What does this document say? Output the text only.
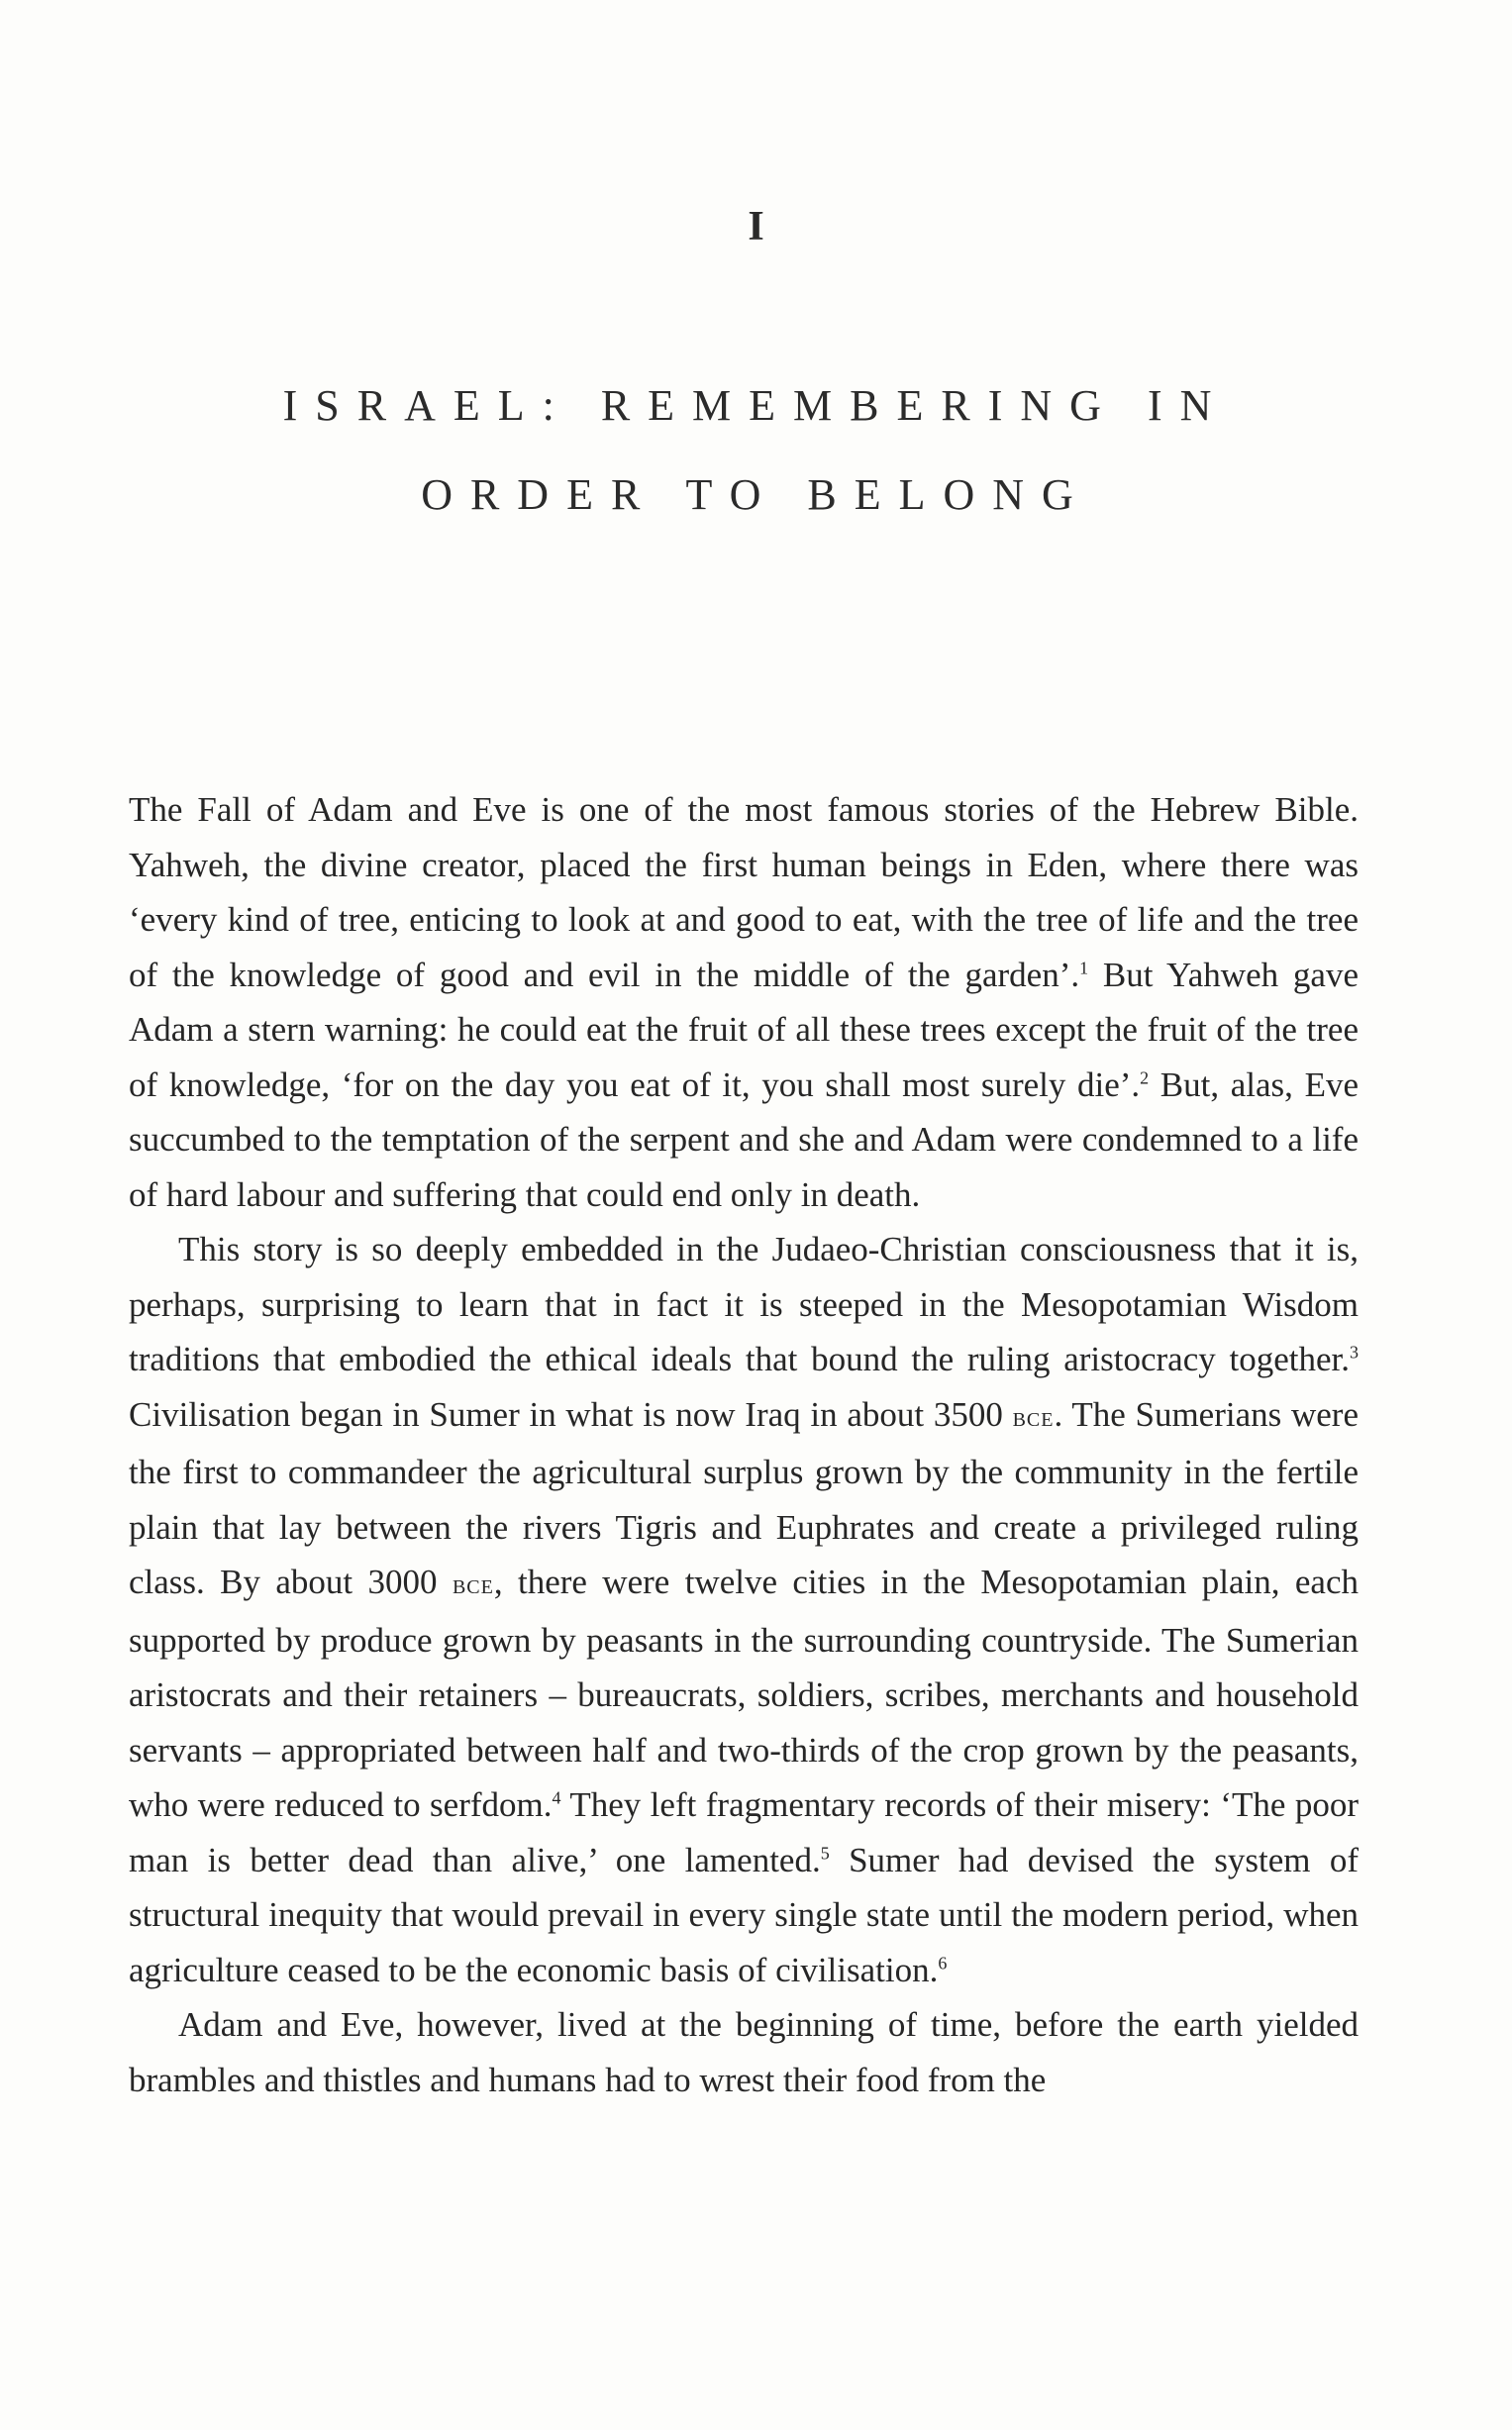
I
ISRAEL: REMEMBERING IN
ORDER TO BELONG

The Fall of Adam and Eve is one of the most famous stories of the Hebrew Bible. Yahweh, the divine creator, placed the first human beings in Eden, where there was ‘every kind of tree, enticing to look at and good to eat, with the tree of life and the tree of the knowledge of good and evil in the middle of the garden’.$^1$ But Yahweh gave Adam a stern warning: he could eat the fruit of all these trees except the fruit of the tree of knowledge, ‘for on the day you eat of it, you shall most surely die’.$^2$ But, alas, Eve succumbed to the temptation of the serpent and she and Adam were condemned to a life of hard labour and suffering that could end only in death.

This story is so deeply embedded in the Judaeo-Christian consciousness that it is, perhaps, surprising to learn that in fact it is steeped in the Mesopotamian Wisdom traditions that embodied the ethical ideals that bound the ruling aristocracy together.$^3$ Civilisation began in Sumer in what is now Iraq in about 3500 bce. The Sumerians were the first to commandeer the agricultural surplus grown by the community in the fertile plain that lay between the rivers Tigris and Euphrates and create a privileged ruling class. By about 3000 bce, there were twelve cities in the Mesopotamian plain, each supported by produce grown by peasants in the surrounding countryside. The Sumerian aristocrats and their retainers – bureaucrats, soldiers, scribes, merchants and household servants – appropriated between half and two-thirds of the crop grown by the peasants, who were reduced to serfdom.$^4$ They left fragmentary records of their misery: ‘The poor man is better dead than alive,’ one lamented.$^5$ Sumer had devised the system of structural inequity that would prevail in every single state until the modern period, when agriculture ceased to be the economic basis of civilisation.$^6$

Adam and Eve, however, lived at the beginning of time, before the earth yielded brambles and thistles and humans had to wrest their food from the
